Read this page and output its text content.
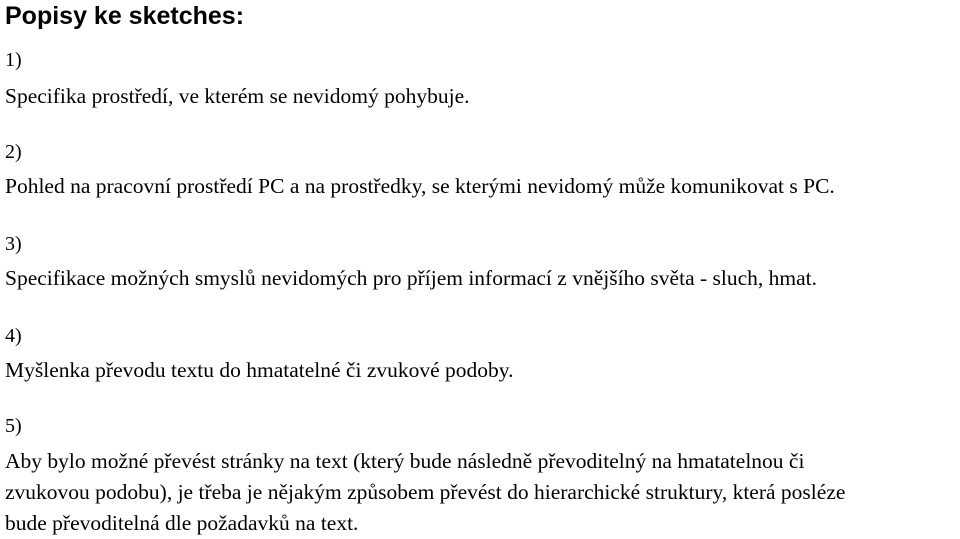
Popisy ke sketches:

1)

Specifika prostředí, ve kterém se nevidomý pohybuje.

2)

Pohled na pracovní prostředí PC a na prostředky, se kterými nevidomý může komunikovat s PC.

3)

Specifikace možných smyslů nevidomých pro příjem informací z vnějšího světa - sluch, hmat.

4)

Myšlenka převodu textu do hmatatelné či zvukové podoby.

5)

Aby bylo možné převést stránky na text (který bude následně převoditelný na hmatatelnou či

zvukovou podobu), je třeba je nějakým způsobem převést do hierarchické struktury, která posléze

bude převoditelná dle požadavků na text.
